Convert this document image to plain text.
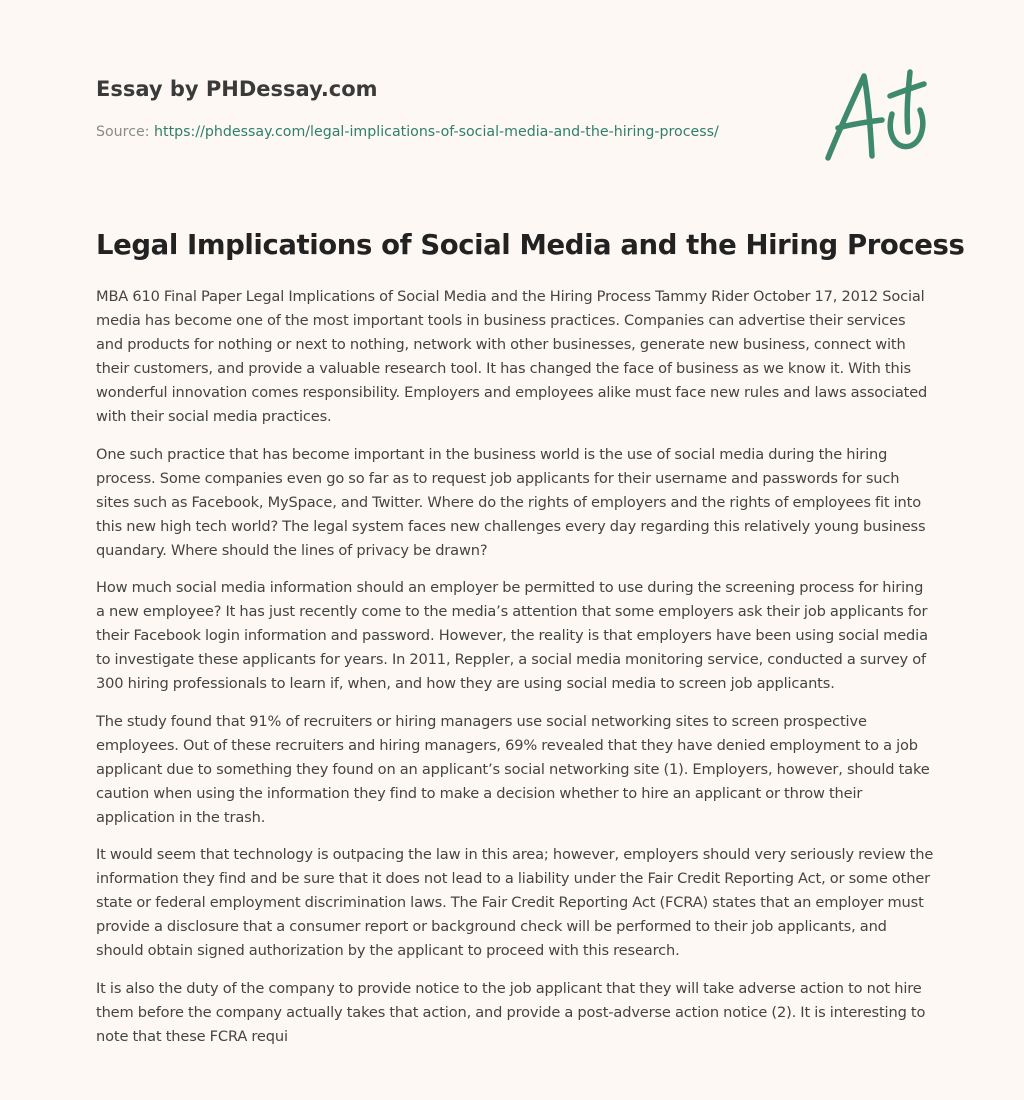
Essay by PHDessay.com
Source: https://phdessay.com/legal-implications-of-social-media-and-the-hiring-process/
Legal Implications of Social Media and the Hiring Process

MBA 610 Final Paper Legal Implications of Social Media and the Hiring Process Tammy Rider October 17, 2012 Social media has become one of the most important tools in business practices. Companies can advertise their services and products for nothing or next to nothing, network with other businesses, generate new business, connect with their customers, and provide a valuable research tool. It has changed the face of business as we know it. With this wonderful innovation comes responsibility. Employers and employees alike must face new rules and laws associated with their social media practices.

One such practice that has become important in the business world is the use of social media during the hiring process. Some companies even go so far as to request job applicants for their username and passwords for such sites such as Facebook, MySpace, and Twitter. Where do the rights of employers and the rights of employees fit into this new high tech world? The legal system faces new challenges every day regarding this relatively young business quandary. Where should the lines of privacy be drawn?

How much social media information should an employer be permitted to use during the screening process for hiring a new employee? It has just recently come to the media’s attention that some employers ask their job applicants for their Facebook login information and password. However, the reality is that employers have been using social media to investigate these applicants for years. In 2011, Reppler, a social media monitoring service, conducted a survey of 300 hiring professionals to learn if, when, and how they are using social media to screen job applicants.

The study found that 91% of recruiters or hiring managers use social networking sites to screen prospective employees. Out of these recruiters and hiring managers, 69% revealed that they have denied employment to a job applicant due to something they found on an applicant’s social networking site (1). Employers, however, should take caution when using the information they find to make a decision whether to hire an applicant or throw their application in the trash.

It would seem that technology is outpacing the law in this area; however, employers should very seriously review the information they find and be sure that it does not lead to a liability under the Fair Credit Reporting Act, or some other state or federal employment discrimination laws. The Fair Credit Reporting Act (FCRA) states that an employer must provide a disclosure that a consumer report or background check will be performed to their job applicants, and should obtain signed authorization by the applicant to proceed with this research.

It is also the duty of the company to provide notice to the job applicant that they will take adverse action to not hire them before the company actually takes that action, and provide a post-adverse action notice (2). It is interesting to note that these FCRA requi
